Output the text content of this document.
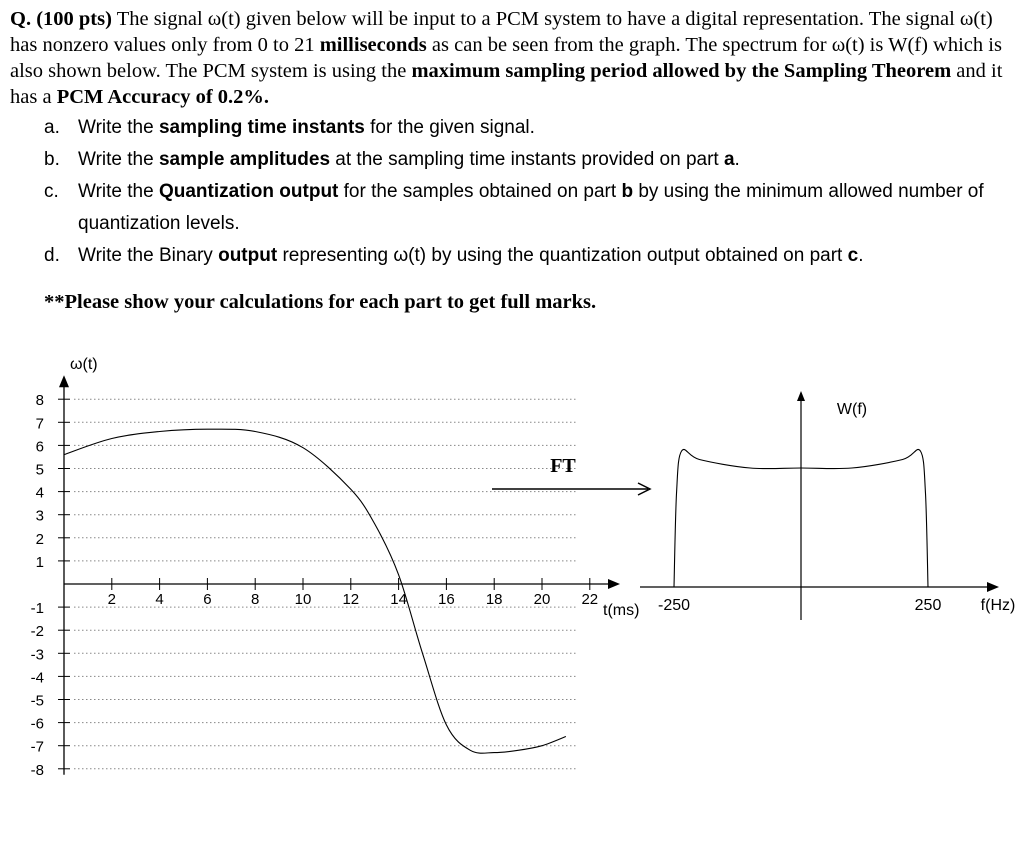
Q. (100 pts) The signal ω(t) given below will be input to a PCM system to have a digital representation. The signal ω(t) has nonzero values only from 0 to 21 milliseconds as can be seen from the graph. The spectrum for ω(t) is W(f) which is also shown below. The PCM system is using the maximum sampling period allowed by the Sampling Theorem and it has a PCM Accuracy of 0.2%.
a. Write the sampling time instants for the given signal.
b. Write the sample amplitudes at the sampling time instants provided on part a.
c. Write the Quantization output for the samples obtained on part b by using the minimum allowed number of quantization levels.
d. Write the Binary output representing ω(t) by using the quantization output obtained on part c.
**Please show your calculations for each part to get full marks.
ω(t)
8
7
6
5
4
3
2
1
-1
-2
-3
-4
-5
-6
-7
-8
t(ms)
2	4	6	8 10 12 14 16 18 20 22
FT
W(f)
f(Hz)
-250	250
